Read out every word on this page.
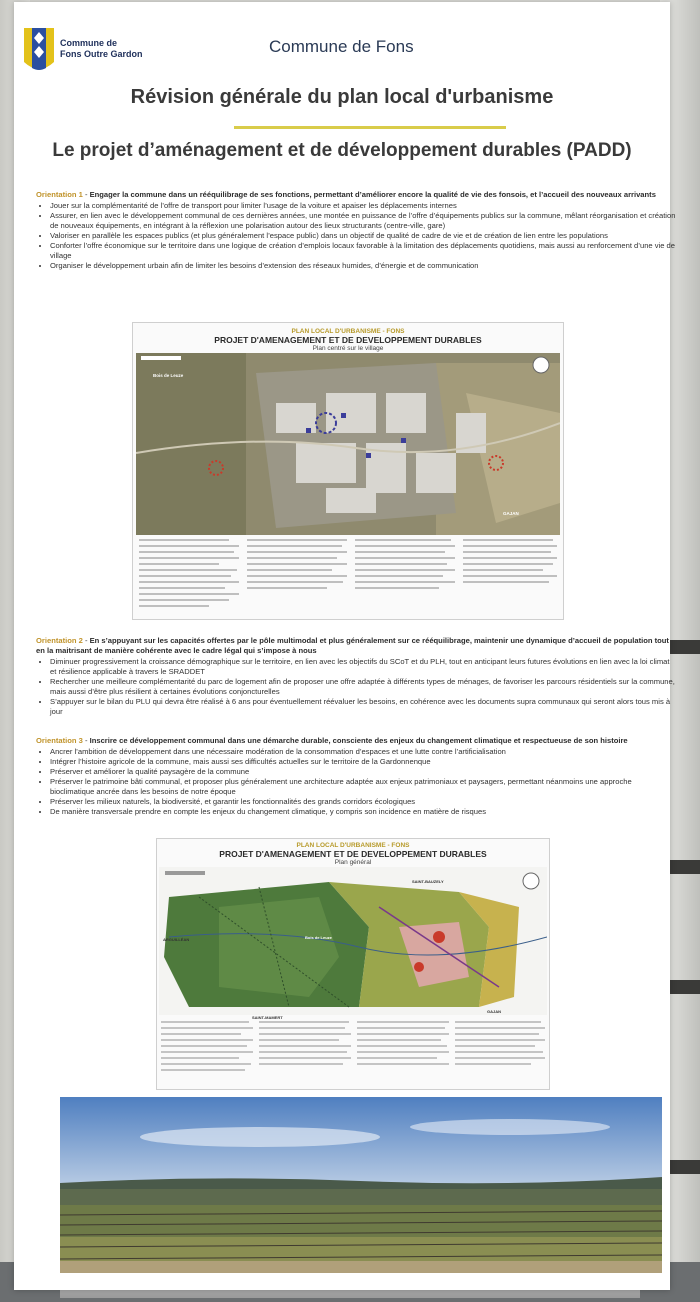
Commune de
Fons Outre Gardon	Commune de Fons
Révision générale du plan local d'urbanisme
Le projet d’aménagement et de développement durables (PADD)
Orientation 1 - Engager la commune dans un rééquilibrage de ses fonctions, permettant d’améliorer encore la qualité de vie des fonsois, et l’accueil des nouveaux arrivants
• Jouer sur la complémentarité de l’offre de transport pour limiter l’usage de la voiture et apaiser les déplacements internes
• Assurer, en lien avec le développement communal de ces dernières années, une montée en puissance de l’offre d’équipements publics sur la commune, mêlant réorganisation et création de nouveaux équipements, en intégrant à la réflexion une polarisation autour des lieux structurants (centre-ville, gare)
• Valoriser en parallèle les espaces publics (et plus généralement l’espace public) dans un objectif de qualité de cadre de vie et de création de lien entre les populations
• Conforter l’offre économique sur le territoire dans une logique de création d’emplois locaux favorable à la limitation des déplacements quotidiens, mais aussi au renforcement d’une vie de village
• Organiser le développement urbain afin de limiter les besoins d’extension des réseaux humides, d’énergie et de communication
PLAN LOCAL D'URBANISME - FONS
PROJET D'AMENAGEMENT ET DE DEVELOPPEMENT DURABLES
Plan centré sur le village
GAJAN
Bois de Leuze
Orientation 2 - En s’appuyant sur les capacités offertes par le pôle multimodal et plus généralement sur ce rééquilibrage, maintenir une dynamique d’accueil de population tout en la maitrisant de manière cohérente avec le cadre légal qui s’impose à nous
• Diminuer progressivement la croissance démographique sur le territoire, en lien avec les objectifs du SCoT et du PLH, tout en anticipant leurs futures évolutions en lien avec la loi climat et résilience applicable à travers le SRADDET
• Rechercher une meilleure complémentarité du parc de logement afin de proposer une offre adaptée à différents types de ménages, de favoriser les parcours résidentiels sur la commune, mais aussi d’être plus résilient à certaines évolutions conjoncturelles
• S’appuyer sur le bilan du PLU qui devra être réalisé à 6 ans pour éventuellement réévaluer les besoins, en cohérence avec les documents supra communaux qui seront alors tous mis à jour
Orientation 3 - Inscrire ce développement communal dans une démarche durable, consciente des enjeux du changement climatique et respectueuse de son histoire
• Ancrer l’ambition de développement dans une nécessaire modération de la consommation d’espaces et une lutte contre l’artificialisation
• Intégrer l’histoire agricole de la commune, mais aussi ses difficultés actuelles sur le territoire de la Gardonnenque
• Préserver et améliorer la qualité paysagère de la commune
• Préserver le patrimoine bâti communal, et proposer plus généralement une architecture adaptée aux enjeux patrimoniaux et paysagers, permettant néanmoins une approche bioclimatique ancrée dans les besoins de notre époque
• Préserver les milieux naturels, la biodiversité, et garantir les fonctionnalités des grands corridors écologiques
• De manière transversale prendre en compte les enjeux du changement climatique, y compris son incidence en matière de risques
PLAN LOCAL D'URBANISME - FONS
PROJET D'AMENAGEMENT ET DE DEVELOPPEMENT DURABLES
Plan général
SAINT-BAUZELY
GAJAN
SAINT-MAMERT
ARGUILLÉAN	Bois de Leuze
